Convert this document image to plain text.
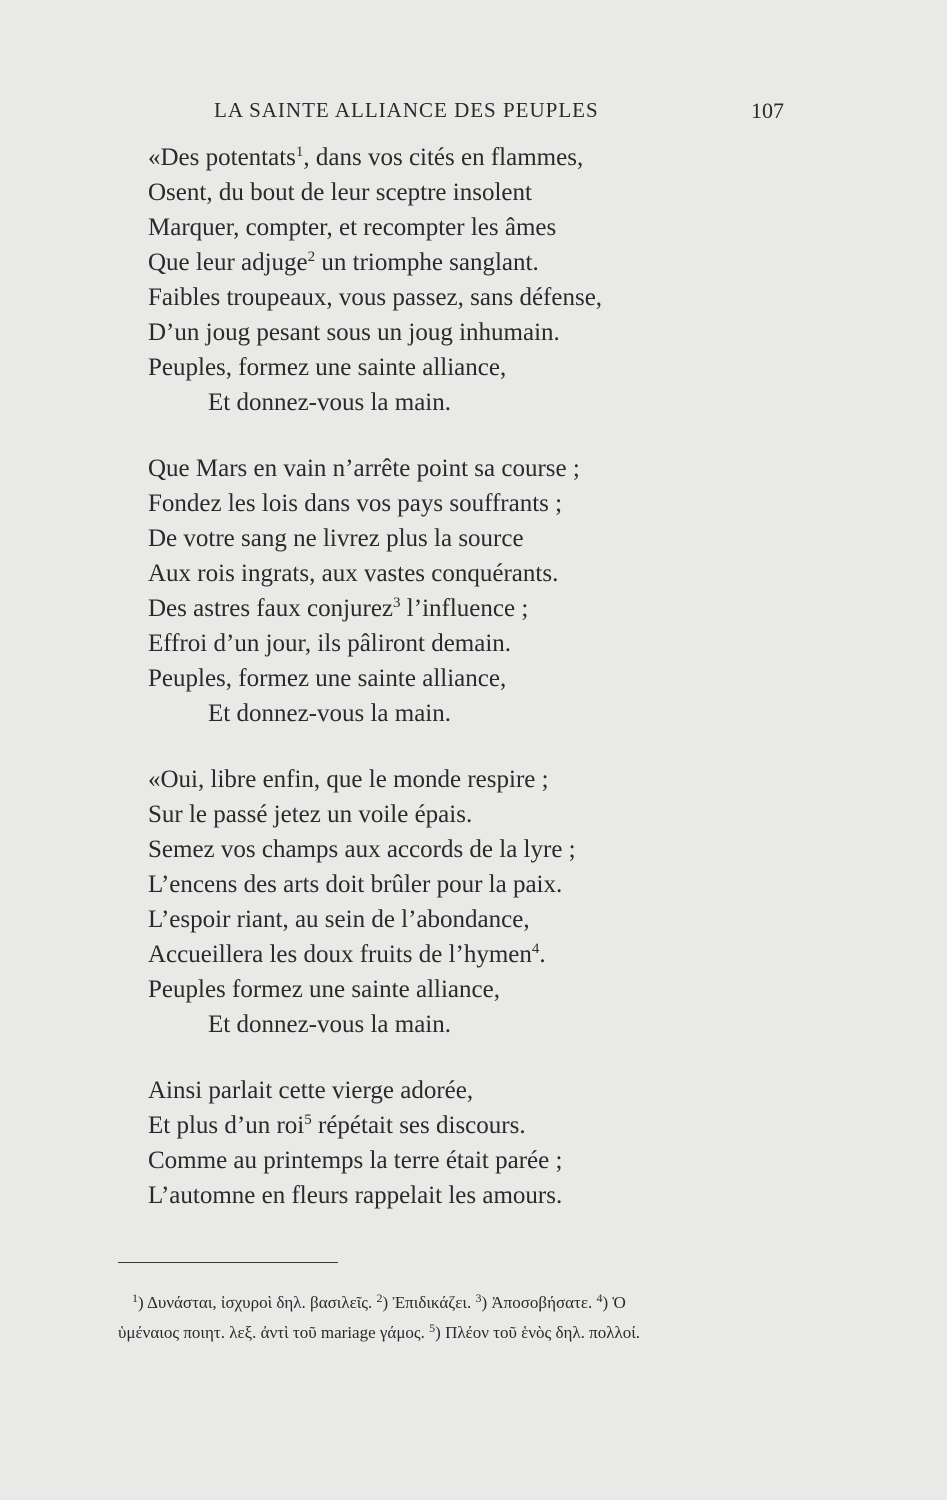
LA SAINTE ALLIANCE DES PEUPLES	107
«Des potentats$^1$, dans vos cités en flammes,
Osent, du bout de leur sceptre insolent
Marquer, compter, et recompter les âmes
Que leur adjuge$^2$ un triomphe sanglant.
Faibles troupeaux, vous passez, sans défense,
D’un joug pesant sous un joug inhumain.
Peuples, formez une sainte alliance,
Et donnez-vous la main.
Que Mars en vain n’arrête point sa course ;
Fondez les lois dans vos pays souffrants ;
De votre sang ne livrez plus la source
Aux rois ingrats, aux vastes conquérants.
Des astres faux conjurez$^3$ l’influence ;
Effroi d’un jour, ils pâliront demain.
Peuples, formez une sainte alliance,
Et donnez-vous la main.
«Oui, libre enfin, que le monde respire ;
Sur le passé jetez un voile épais.
Semez vos champs aux accords de la lyre ;
L’encens des arts doit brûler pour la paix.
L’espoir riant, au sein de l’abondance,
Accueillera les doux fruits de l’hymen$^4$.
Peuples formez une sainte alliance,
Et donnez-vous la main.
Ainsi parlait cette vierge adorée,
Et plus d’un roi$^5$ répétait ses discours.
Comme au printemps la terre était parée ;
L’automne en fleurs rappelait les amours.
$^1$) Δυνάσται, ἰσχυροὶ δηλ. βασιλεῖς. $^2$) Ἐπιδικάζει. $^3$) Ἀποσοβήσατε. $^4$) Ὁ
ὑμέναιος ποιητ. λεξ. ἀντὶ τοῦ mariage γάμος. $^5$) Πλέον τοῦ ἑνὸς δηλ. πολλοί.
